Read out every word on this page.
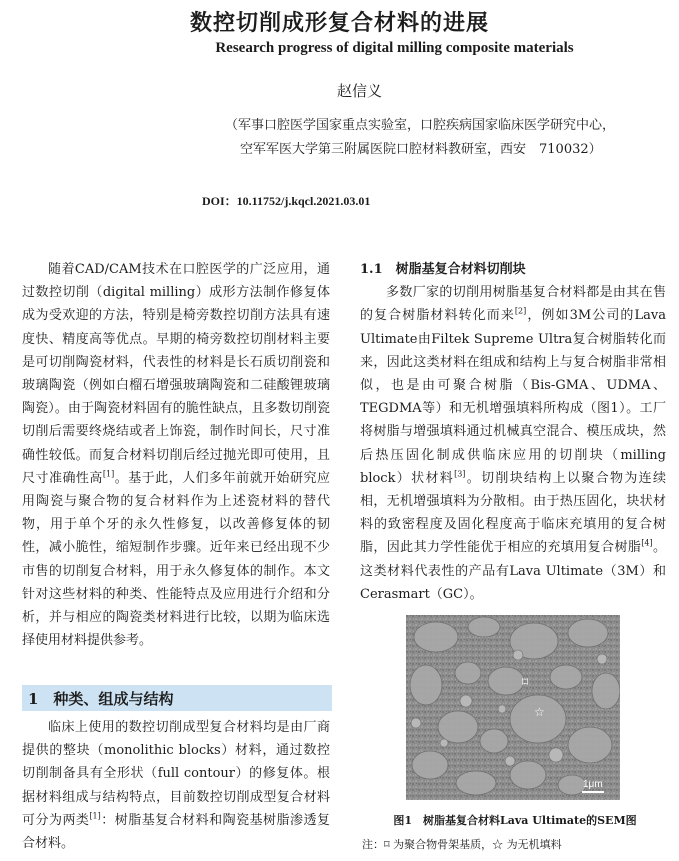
数控切削成形复合材料的进展
Research progress of digital milling composite materials
赵信义
（军事口腔医学国家重点实验室，口腔疾病国家临床医学研究中心，
空军军医大学第三附属医院口腔材料教研室，西安　710032）
DOI：10.11752/j.kqcl.2021.03.01

随着CAD/CAM技术在口腔医学的广泛应用，通过数控切削（digital milling）成形方法制作修复体成为受欢迎的方法，特别是椅旁数控切削方法具有速度快、精度高等优点。早期的椅旁数控切削材料主要是可切削陶瓷材料，代表性的材料是长石质切削瓷和玻璃陶瓷（例如白榴石增强玻璃陶瓷和二硅酸锂玻璃陶瓷）。由于陶瓷材料固有的脆性缺点，且多数切削瓷切削后需要终烧结或者上饰瓷，制作时间长，尺寸准确性较低。而复合材料切削后经过抛光即可使用，且尺寸准确性高[1]。基于此，人们多年前就开始研究应用陶瓷与聚合物的复合材料作为上述瓷材料的替代物，用于单个牙的永久性修复，以改善修复体的韧性，减小脆性，缩短制作步骤。近年来已经出现不少市售的切削复合材料，用于永久修复体的制作。本文针对这些材料的种类、性能特点及应用进行介绍和分析，并与相应的陶瓷类材料进行比较，以期为临床选择使用材料提供参考。

1　种类、组成与结构

临床上使用的数控切削成型复合材料均是由厂商提供的整块（monolithic blocks）材料，通过数控切削制备具有全形状（full contour）的修复体。根据材料组成与结构特点，目前数控切削成型复合材料可分为两类[1]：树脂基复合材料和陶瓷基树脂渗透复合材料。

1.1　树脂基复合材料切削块

多数厂家的切削用树脂基复合材料都是由其在售的复合树脂材料转化而来[2]，例如3M公司的Lava Ultimate由Filtek Supreme Ultra复合树脂转化而来，因此这类材料在组成和结构上与复合树脂非常相似，也是由可聚合树脂（Bis-GMA、UDMA、TEGDMA等）和无机增强填料所构成（图1）。工厂将树脂与增强填料通过机械真空混合、模压成块，然后热压固化制成供临床应用的切削块（milling block）状材料[3]。切削块结构上以聚合物为连续相，无机增强填料为分散相。由于热压固化，块状材料的致密程度及固化程度高于临床充填用的复合树脂，因此其力学性能优于相应的充填用复合树脂[4]。这类材料代表性的产品有Lava Ultimate（3M）和Cerasmart（GC）。

⌑
☆
1μm
图1　树脂基复合材料Lava Ultimate的SEM图
注：⌑ 为聚合物骨架基质，☆ 为无机填料
